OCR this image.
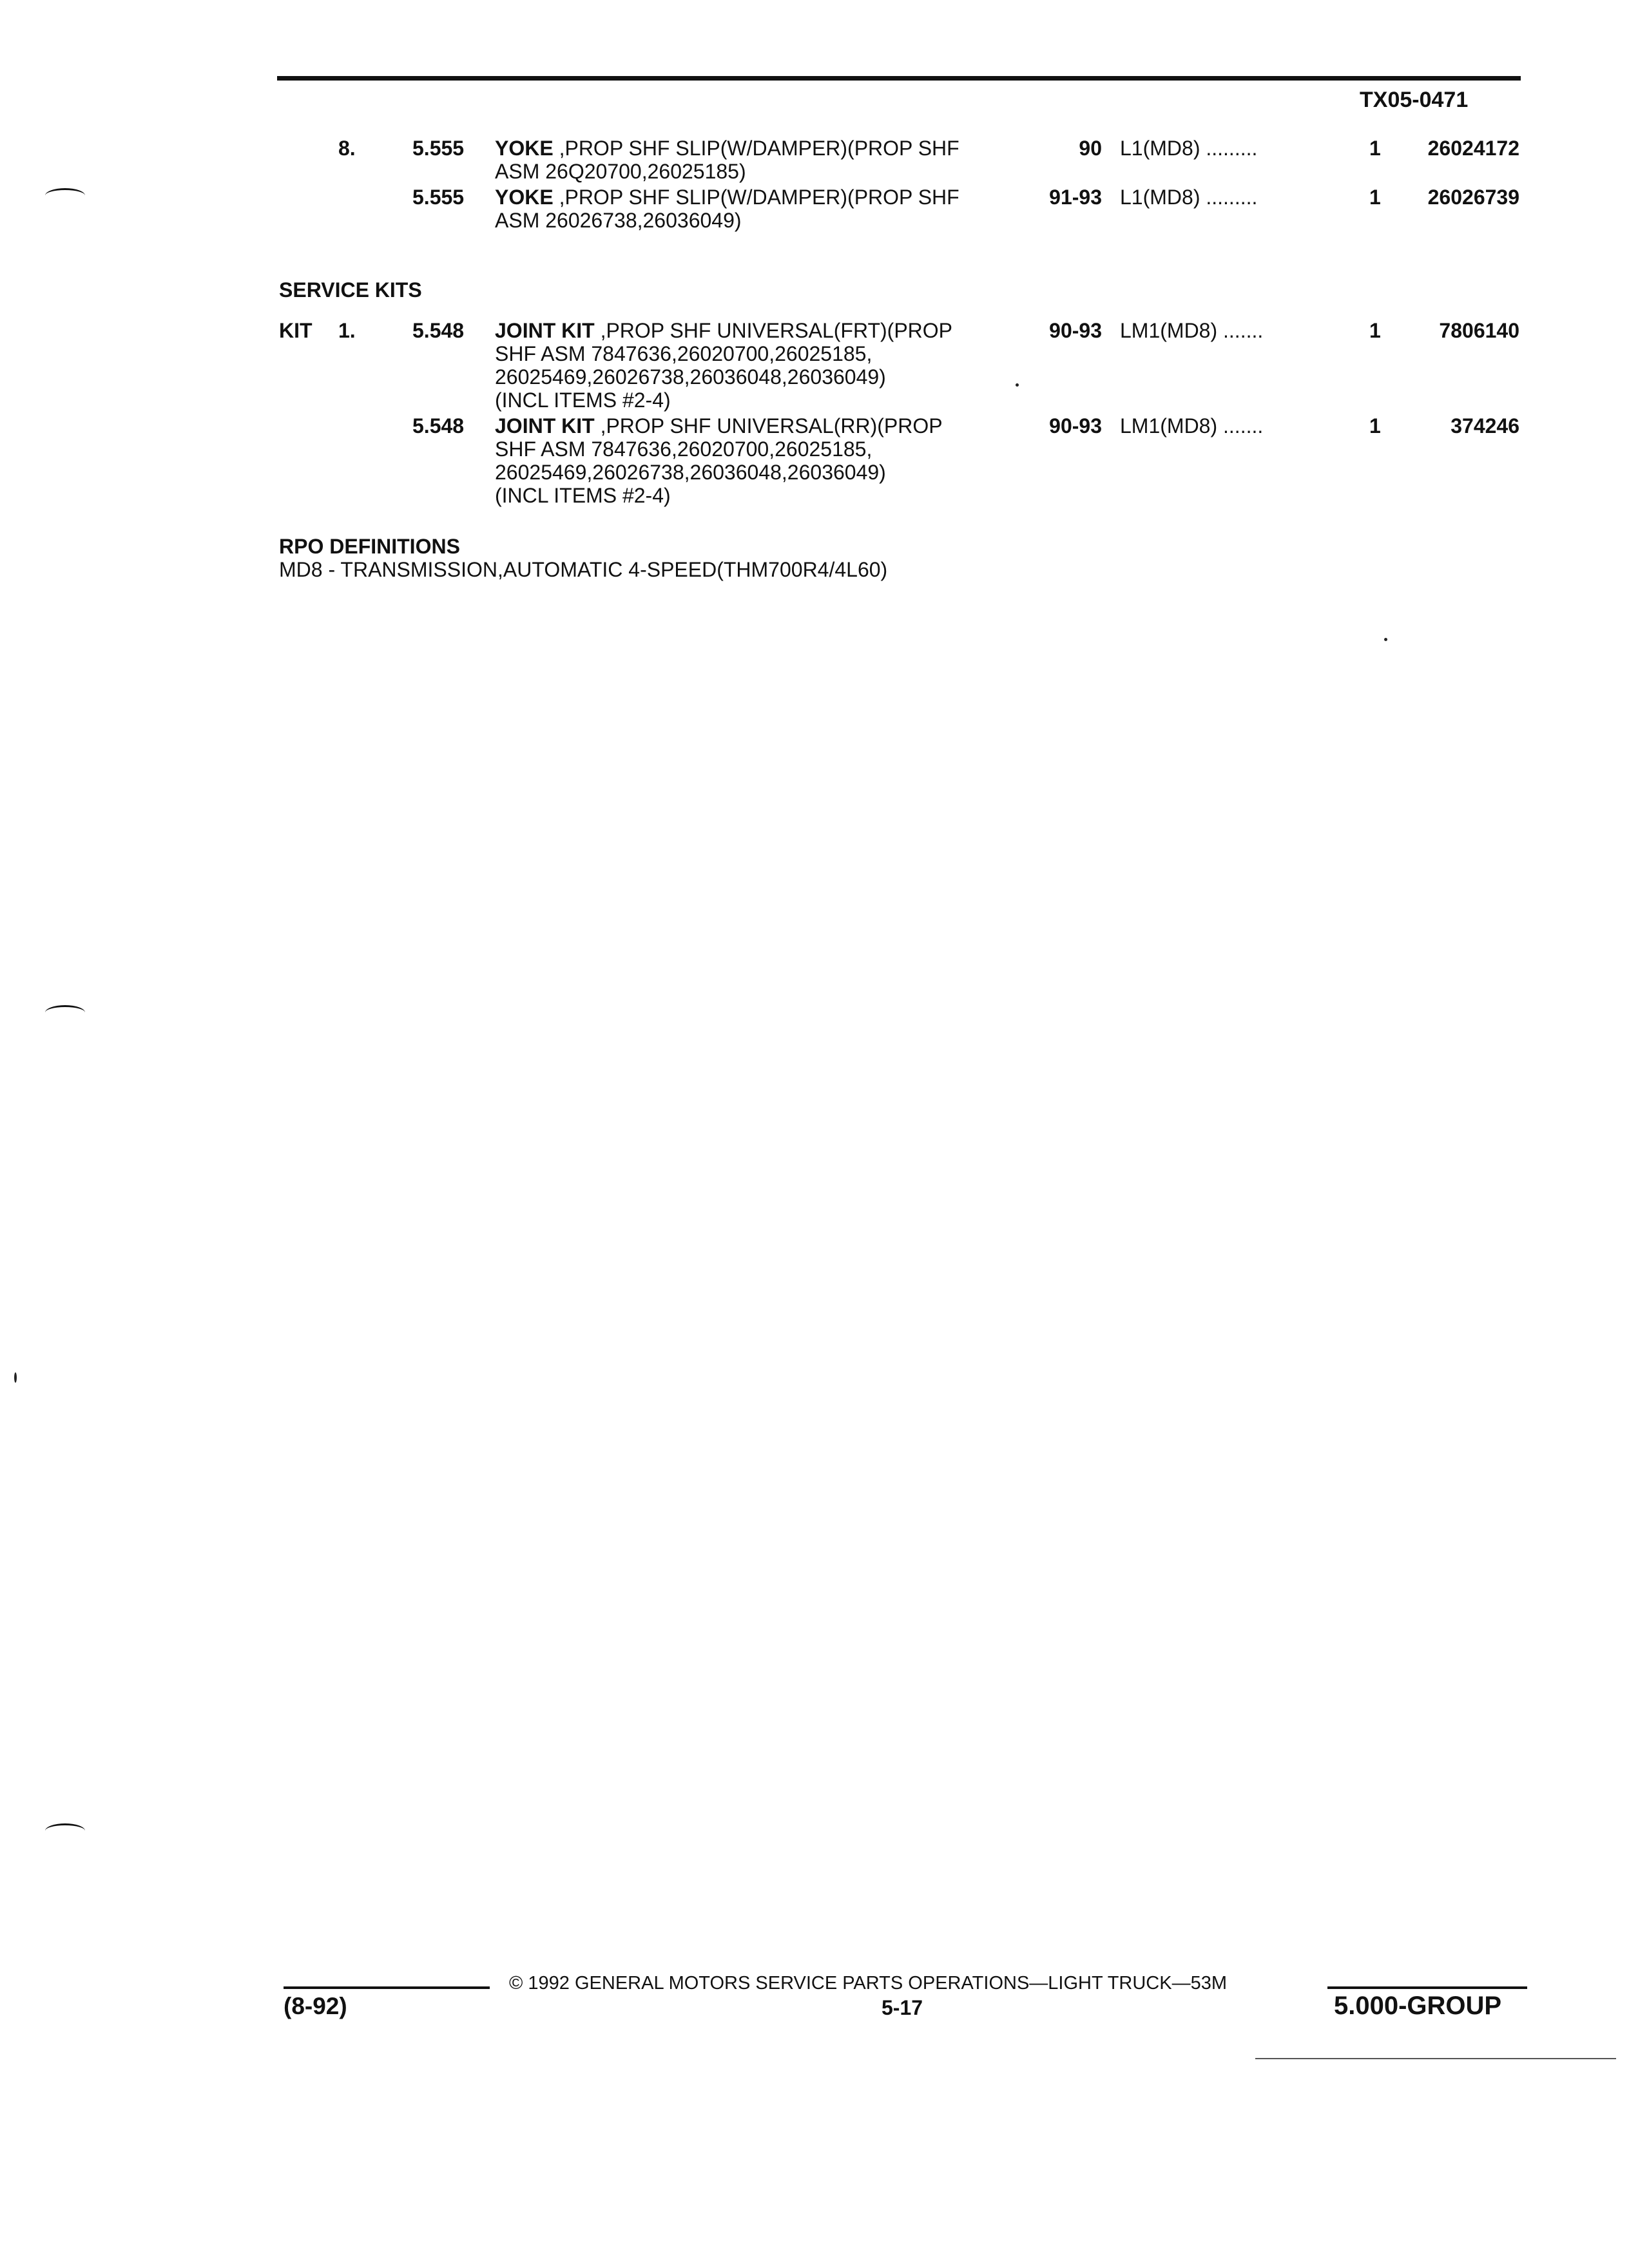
TX05-0471
8.	5.555 YOKE ,PROP SHF SLIP(W/DAMPER)(PROP SHF
ASM 26Q20700,26025185)
90 L1(MD8) .........	1	26024172
5.555 YOKE ,PROP SHF SLIP(W/DAMPER)(PROP SHF
ASM 26026738,26036049)
91-93 L1(MD8) .........	1	26026739
SERVICE KITS
KIT 1.	5.548 JOINT KIT ,PROP SHF UNIVERSAL(FRT)(PROP
SHF ASM 7847636,26020700,26025185,
26025469,26026738,26036048,26036049)
(INCL ITEMS #2-4)
90-93 LM1(MD8) .......	1	7806140
5.548 JOINT KIT ,PROP SHF UNIVERSAL(RR)(PROP
SHF ASM 7847636,26020700,26025185,
26025469,26026738,26036048,26036049)
(INCL ITEMS #2-4)
90-93 LM1(MD8) .......	1	374246
RPO DEFINITIONS
MD8 - TRANSMISSION,AUTOMATIC 4-SPEED(THM700R4/4L60)
© 1992 GENERAL MOTORS SERVICE PARTS OPERATIONS—LIGHT TRUCK—53M
(8-92)	5-17	5.000-GROUP
